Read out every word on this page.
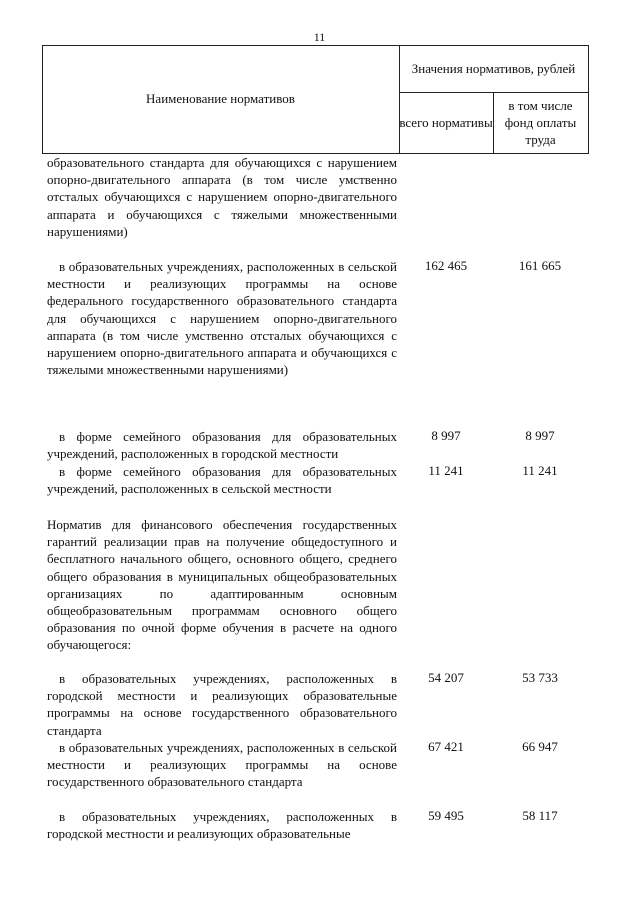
11
Наименование нормативов
Значения нормативов, рублей
всего нормативы
в том числе фонд оплаты труда
образовательного стандарта для обучающихся с нарушением опорно-двигательного аппарата (в том числе умственно отсталых обучающихся с нарушением опорно-двигательного аппарата и обучающихся с тяжелыми множественными нарушениями)
в образовательных учреждениях, расположенных в сельской местности и реализующих программы на основе федерального государственного образовательного стандарта для обучающихся с нарушением опорно-двигательного аппарата (в том числе умственно отсталых обучающихся с нарушением опорно-двигательного аппарата и обучающихся с тяжелыми множественными нарушениями)
162 465	161 665
в форме семейного образования для образовательных учреждений, расположенных в городской местности
8 997	8 997
в форме семейного образования для образовательных учреждений, расположенных в сельской местности
11 241	11 241
Норматив для финансового обеспечения государственных гарантий реализации прав на получение общедоступного и бесплатного начального общего, основного общего, среднего общего образования в муниципальных общеобразовательных организациях по адаптированным основным общеобразовательным программам основного общего образования по очной форме обучения в расчете на одного обучающегося:
в образовательных учреждениях, расположенных в городской местности и реализующих образовательные программы на основе государственного образовательного стандарта
54 207	53 733
в образовательных учреждениях, расположенных в сельской местности и реализующих программы на основе государственного образовательного стандарта
67 421	66 947
в образовательных учреждениях, расположенных в городской местности и реализующих образовательные
59 495	58 117
